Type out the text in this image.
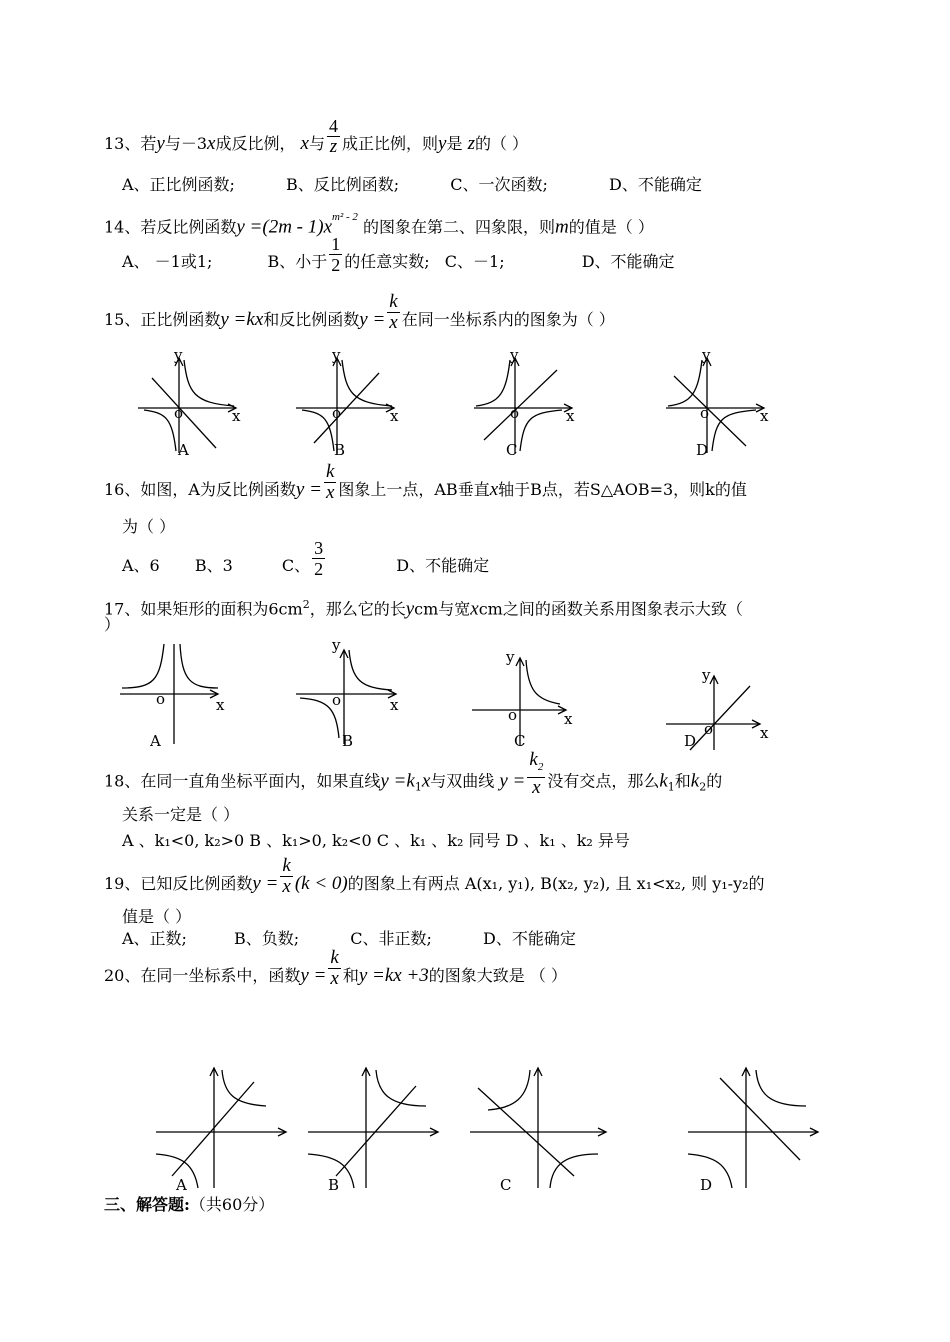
13、若y与－3x成反比例， x与 $\frac{4}{z}$ 成正比例，则y是 z的（ ）
A、正比例函数;	B、反比例函数;	C、一次函数;	D、不能确定
14、若反比例函数$y =(2m - 1)x^{m^2 - 2}$ 的图象在第二、四象限，则m的值是（ ）
A、 －1或1;	B、小于 $\frac{1}{2}$ 的任意实数; C、－1;	D、不能确定
15、正比例函数y =kx和反比例函数$y = \frac{k}{x}$ 在同一坐标系内的图象为（ ）
y
x
o
A
y
x
o
B
y
x
o
C
y
x
o
D
16、如图，A为反比例函数$y = \frac{k}{x}$ 图象上一点，AB垂直x轴于B点，若S△AOB=3，则k的值
为（ ）
A、6 B、3	C、 $\frac{3}{2}$	D、不能确定
17、如果矩形的面积为$6cm^2$，那么它的长ycm与宽xcm之间的函数关系用图象表示大致（
）
o	x
A
y
o	x
B
y
o	x
C
y
o	x
D
18、在同一直角坐标平面内，如果直线$y =k_1x$与双曲线 $y = \frac{k_2}{x}$ 没有交点，那么$k_1$和$k_2$的
关系一定是（ ）
A 、k₁<0, k₂>0 B 、k₁>0, k₂<0 C 、k₁ 、k₂ 同号 D 、k₁ 、k₂ 异号
19、已知反比例函数$y = \frac{k}{x} (k < 0)$的图象上有两点 A(x₁, y₁), B(x₂, y₂), 且 x₁<x₂, 则 y₁-y₂的
值是（ ）
A、正数;	B、负数;	C、非正数;	D、不能确定
20、在同一坐标系中，函数$y = \frac{k}{x}$ 和y =kx +3的图象大致是 （ ）
A	B	C	D
三、解答题:（共60分）
